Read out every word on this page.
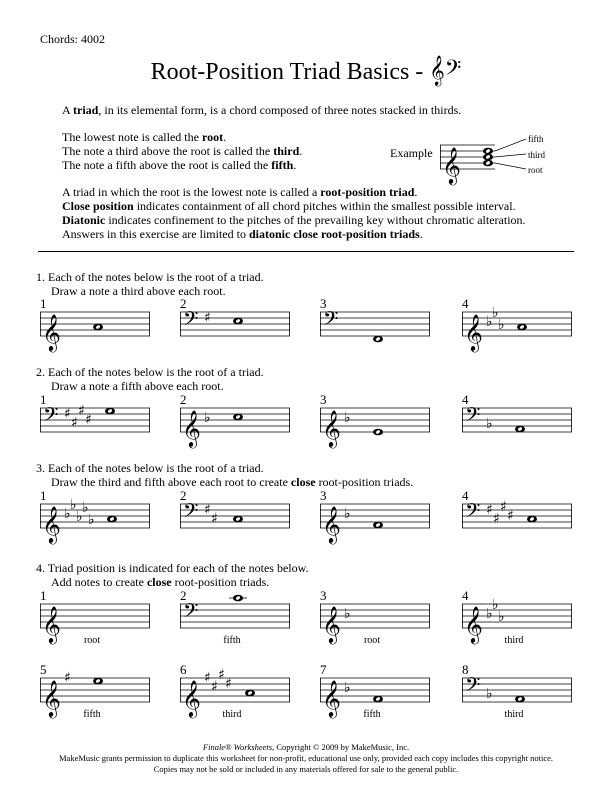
Chords: 4002
Root-Position Triad Basics - 𝄞𝄢
A triad, in its elemental form, is a chord composed of three notes stacked in thirds.
The lowest note is called the root.
The note a third above the root is called the third.
The note a fifth above the root is called the fifth.
A triad in which the root is the lowest note is called a root-position triad.
Close position indicates containment of all chord pitches within the smallest possible interval.
Diatonic indicates confinement to the pitches of the prevailing key without chromatic alteration.
Answers in this exercise are limited to diatonic close root-position triads.
Example 𝄞
fifth
third
root
1. Each of the notes below is the root of a triad.
Draw a note a third above each root.
2. Each of the notes below is the root of a triad.
Draw a note a fifth above each root.
3. Each of the notes below is the root of a triad.
Draw the third and fifth above each root to create close root-position triads.
4. Triad position is indicated for each of the notes below.
Add notes to create close root-position triads.
1
𝄞
2
𝄢 ♯
3
𝄢
4
𝄞 ♭
♭
♭
1
𝄢 ♯
♯
♯
♯
2
𝄞 ♭
3
𝄞 ♭
4
𝄢 ♭
1
𝄞 ♭
♭
♭
♭
♭
2
𝄢 ♯
♯
3
𝄞 ♭
4
𝄢 ♯
♯
♯
♯
1
𝄞	root
2
𝄢
fifth
3
𝄞 ♭
root
4
𝄞 ♭
♭
♭
third
5
𝄞
♯
fifth
6
𝄞
♯
♯
♯
♯
third
7
𝄞 ♭
fifth
8
𝄢 ♭
third
Finale® Worksheets, Copyright © 2009 by MakeMusic, Inc.
MakeMusic grants permission to duplicate this worksheet for non-profit, educational use only, provided each copy includes this copyright notice.
Copies may not be sold or included in any materials offered for sale to the general public.
